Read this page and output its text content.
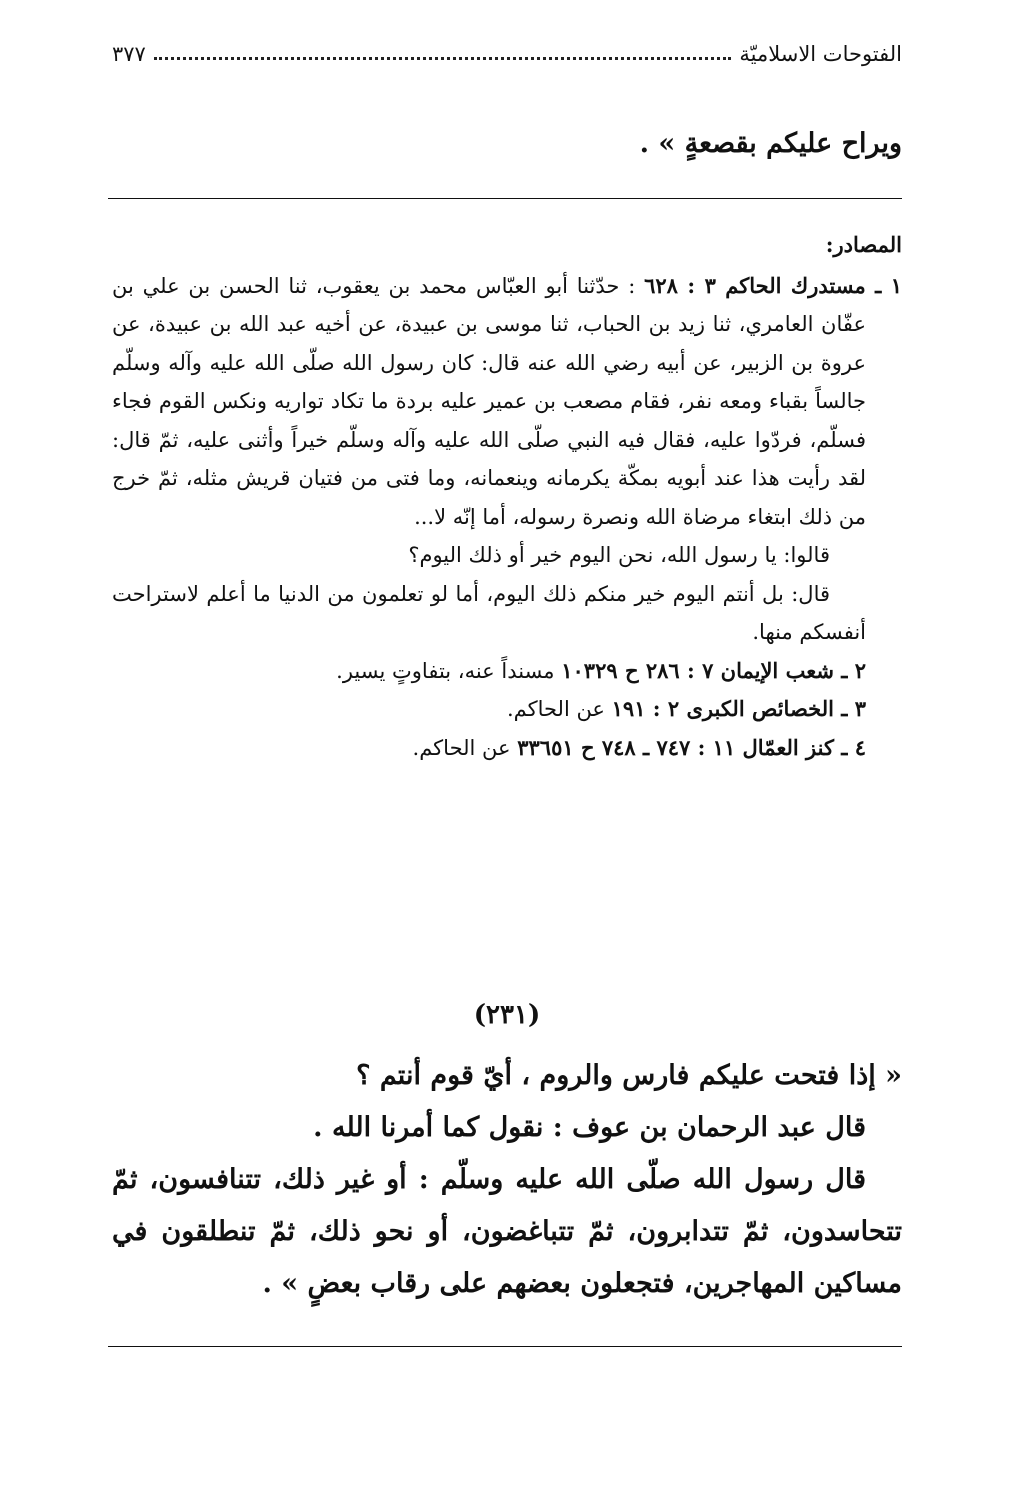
الفتوحات الاسلاميّة
٣٧٧
ويراح عليكم بقصعةٍ » .

المصادر:

١ ـ مستدرك الحاكم ٣ : ٦٢٨ : حدّثنا أبو العبّاس محمد بن يعقوب، ثنا الحسن بن علي بن عفّان العامري، ثنا زيد بن الحباب، ثنا موسى بن عبيدة، عن أخيه عبد الله بن عبيدة، عن عروة بن الزبير، عن أبيه رضي الله عنه قال: كان رسول الله صلّى الله عليه وآله وسلّم جالساً بقباء ومعه نفر، فقام مصعب بن عمير عليه بردة ما تكاد تواريه ونكس القوم فجاء فسلّم، فردّوا عليه، فقال فيه النبي صلّى الله عليه وآله وسلّم خيراً وأثنى عليه، ثمّ قال: لقد رأيت هذا عند أبويه بمكّة يكرمانه وينعمانه، وما فتى من فتيان قريش مثله، ثمّ خرج من ذلك ابتغاء مرضاة الله ونصرة رسوله، أما إنّه لا...

قالوا: يا رسول الله، نحن اليوم خير أو ذلك اليوم؟

قال: بل أنتم اليوم خير منكم ذلك اليوم، أما لو تعلمون من الدنيا ما أعلم لاستراحت أنفسكم منها.

٢ ـ شعب الإيمان ٧ : ٢٨٦ ح ١٠٣٢٩ مسنداً عنه، بتفاوتٍ يسير.

٣ ـ الخصائص الكبرى ٢ : ١٩١ عن الحاكم.

٤ ـ كنز العمّال ١١ : ٧٤٧ ـ ٧٤٨ ح ٣٣٦٥١ عن الحاكم.

(٢٣١)

« إذا فتحت عليكم فارس والروم ، أيّ قوم أنتم ؟

قال عبد الرحمان بن عوف : نقول كما أمرنا الله .

قال رسول الله صلّى الله عليه وسلّم : أو غير ذلك، تتنافسون، ثمّ تتحاسدون، ثمّ تتدابرون، ثمّ تتباغضون، أو نحو ذلك، ثمّ تنطلقون في مساكين المهاجرين، فتجعلون بعضهم على رقاب بعضٍ » .
